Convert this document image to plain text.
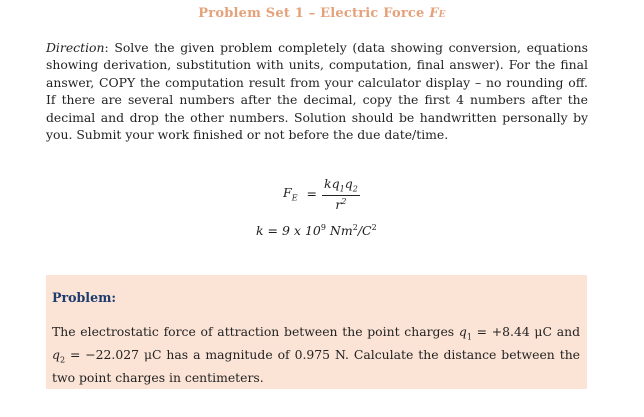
Problem Set 1 – Electric Force FE
Direction: Solve the given problem completely (data showing conversion, equations showing derivation, substitution with units, computation, final answer). For the final answer, COPY the computation result from your calculator display – no rounding off. If there are several numbers after the decimal, copy the first 4 numbers after the decimal and drop the other numbers. Solution should be handwritten personally by you. Submit your work finished or not before the due date/time.
$F_E = \frac{kq_1q_2}{r^2}$
k = 9 x $10^9$ $Nm^2/C^2$
Problem:
The electrostatic force of attraction between the point charges $q_1 = +8.44$ μC and $q_2 = -22.027$ μC has a magnitude of 0.975 N. Calculate the distance between the two point charges in centimeters.
